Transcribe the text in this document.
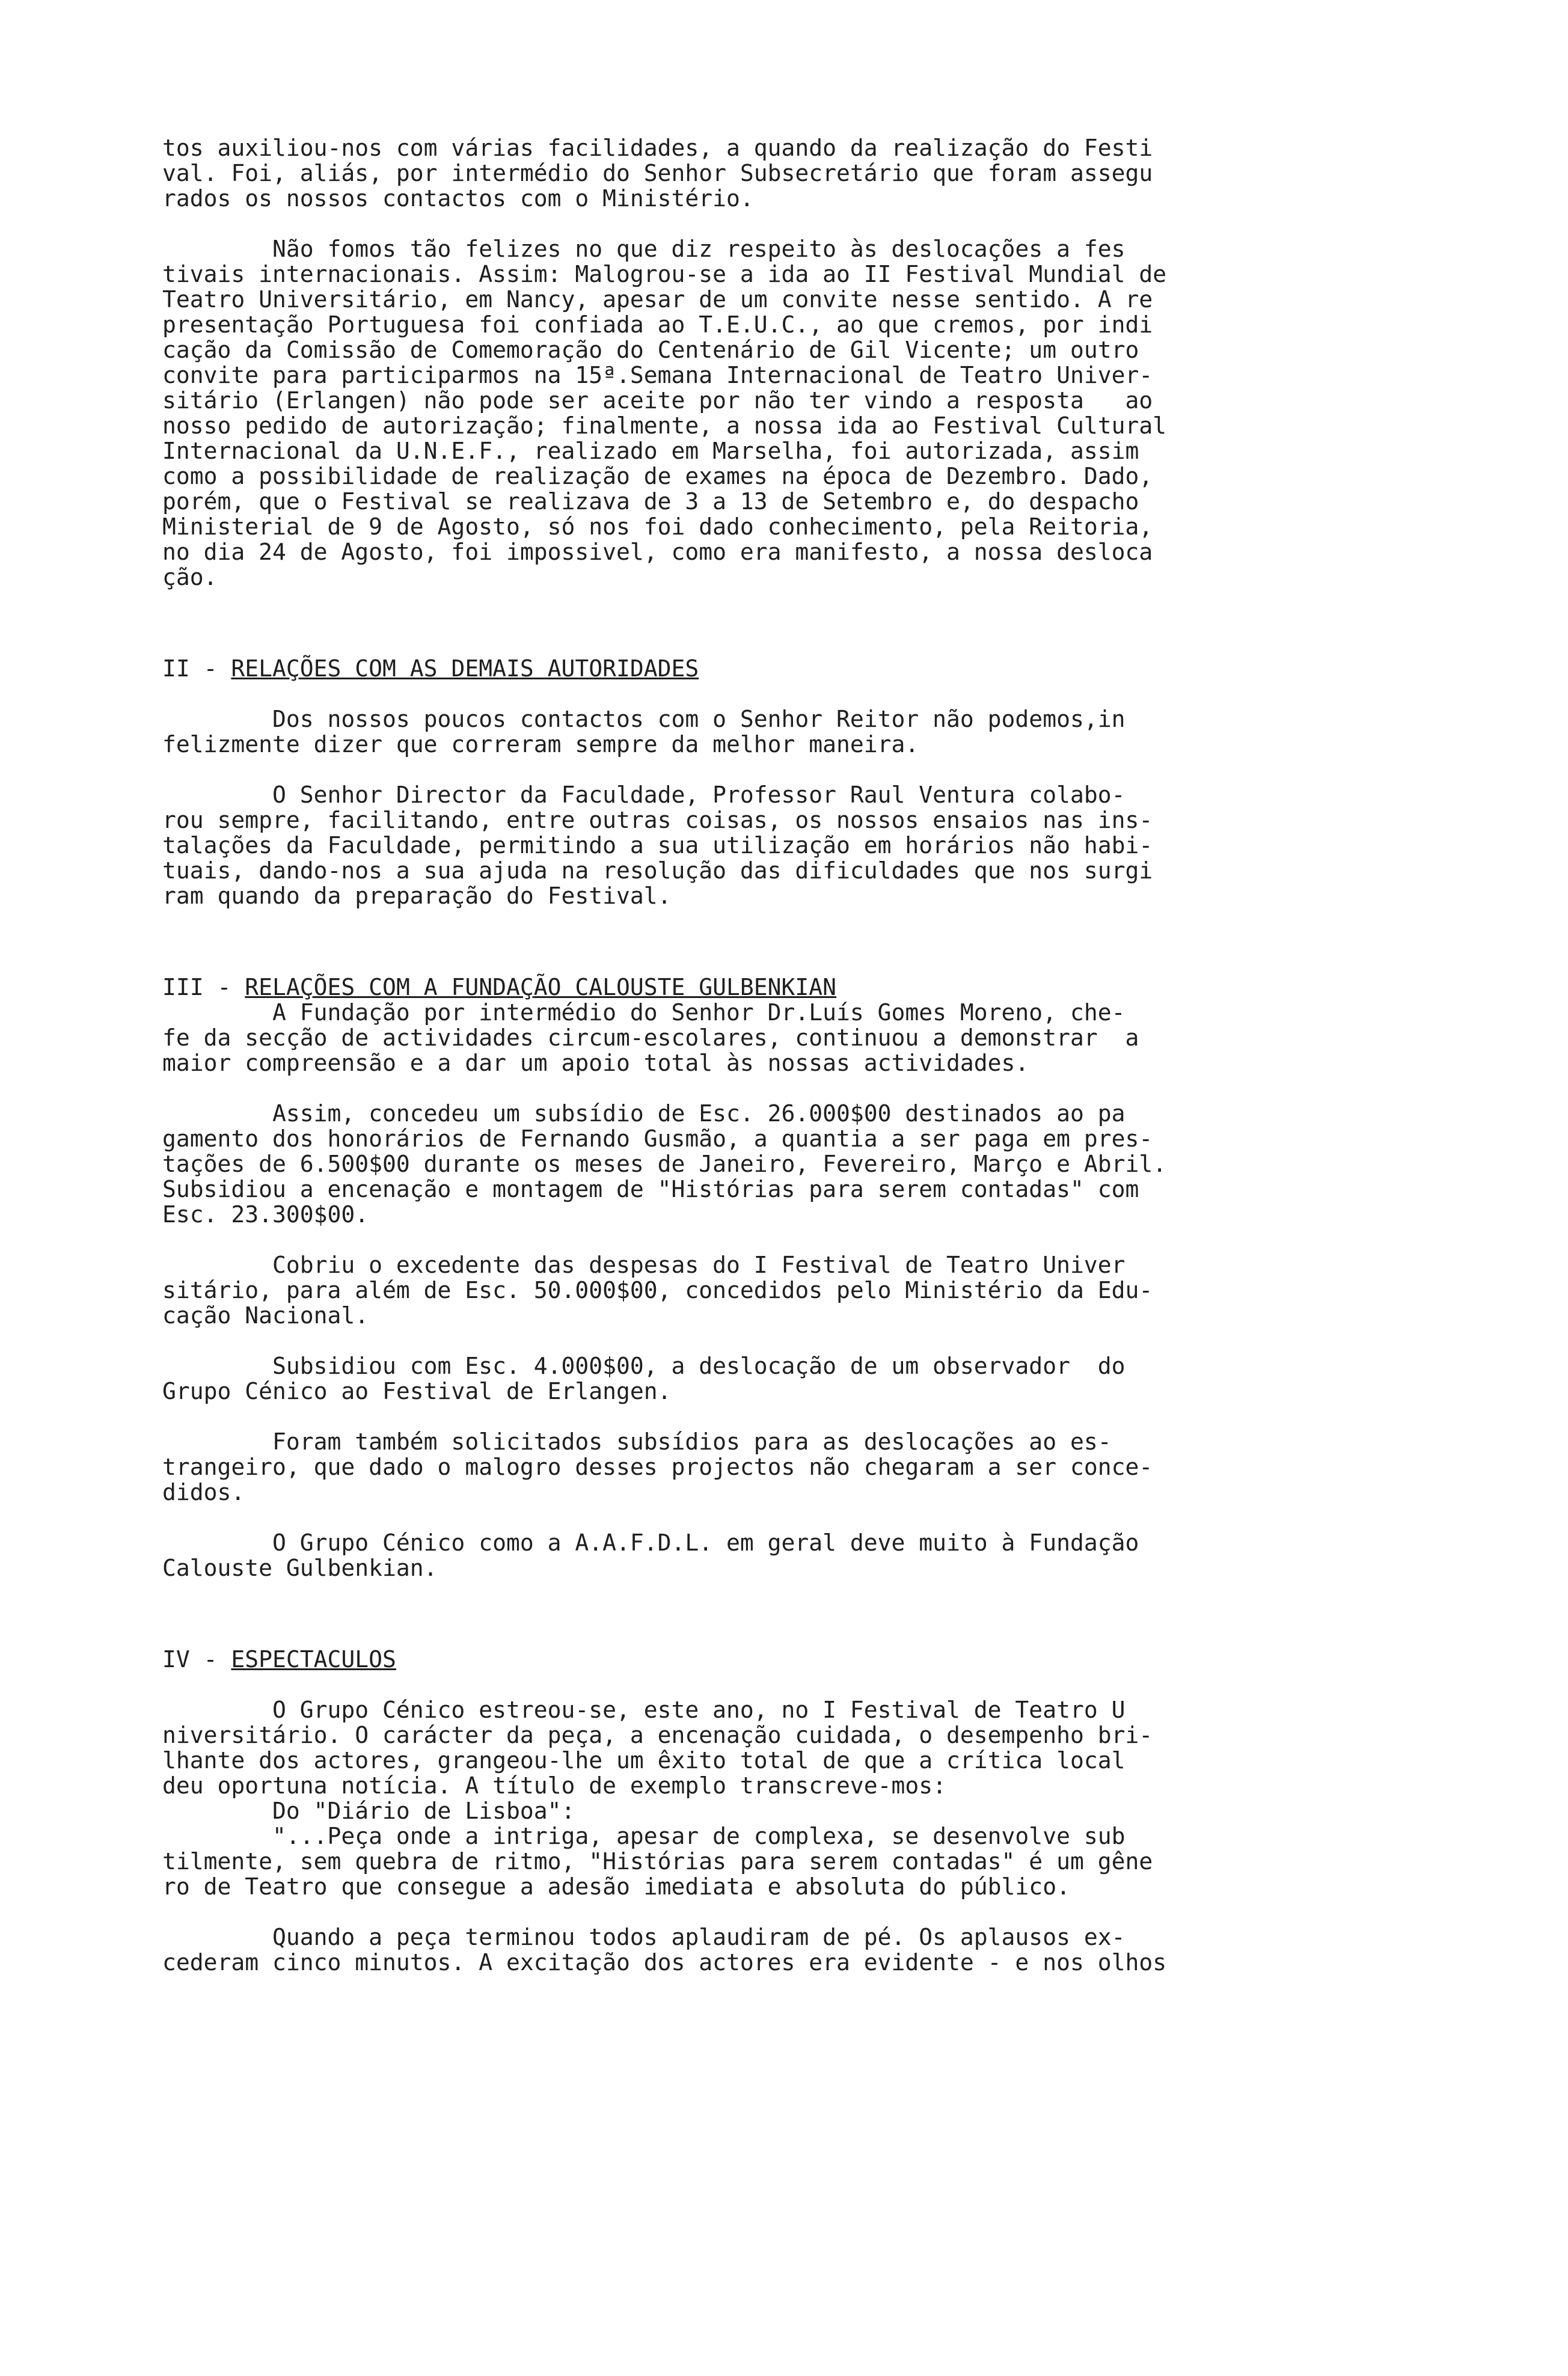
tos auxiliou-nos com várias facilidades, a quando da realização do Festi
val. Foi, aliás, por intermédio do Senhor Subsecretário que foram assegu
rados os nossos contactos com o Ministério.
Não fomos tão felizes no que diz respeito às deslocações a fes
tivais internacionais. Assim: Malogrou-se a ida ao II Festival Mundial de
Teatro Universitário, em Nancy, apesar de um convite nesse sentido. A re
presentação Portuguesa foi confiada ao T.E.U.C., ao que cremos, por indi
cação da Comissão de Comemoração do Centenário de Gil Vicente; um outro
convite para participarmos na 15ª.Semana Internacional de Teatro Univer-
sitário (Erlangen) não pode ser aceite por não ter vindo a resposta   ao
nosso pedido de autorização; finalmente, a nossa ida ao Festival Cultural
Internacional da U.N.E.F., realizado em Marselha, foi autorizada, assim
como a possibilidade de realização de exames na época de Dezembro. Dado,
porém, que o Festival se realizava de 3 a 13 de Setembro e, do despacho
Ministerial de 9 de Agosto, só nos foi dado conhecimento, pela Reitoria,
no dia 24 de Agosto, foi impossivel, como era manifesto, a nossa desloca
ção.
II - RELAÇÕES COM AS DEMAIS AUTORIDADES
Dos nossos poucos contactos com o Senhor Reitor não podemos,in
felizmente dizer que correram sempre da melhor maneira.
O Senhor Director da Faculdade, Professor Raul Ventura colabo-
rou sempre, facilitando, entre outras coisas, os nossos ensaios nas ins-
talações da Faculdade, permitindo a sua utilização em horários não habi-
tuais, dando-nos a sua ajuda na resolução das dificuldades que nos surgi
ram quando da preparação do Festival.
III - RELAÇÕES COM A FUNDAÇÃO CALOUSTE GULBENKIAN
A Fundação por intermédio do Senhor Dr.Luís Gomes Moreno, che-
fe da secção de actividades circum-escolares, continuou a demonstrar  a
maior compreensão e a dar um apoio total às nossas actividades.
Assim, concedeu um subsídio de Esc. 26.000$00 destinados ao pa
gamento dos honorários de Fernando Gusmão, a quantia a ser paga em pres-
tações de 6.500$00 durante os meses de Janeiro, Fevereiro, Março e Abril.
Subsidiou a encenação e montagem de "Histórias para serem contadas" com
Esc. 23.300$00.
Cobriu o excedente das despesas do I Festival de Teatro Univer
sitário, para além de Esc. 50.000$00, concedidos pelo Ministério da Edu-
cação Nacional.
Subsidiou com Esc. 4.000$00, a deslocação de um observador  do
Grupo Cénico ao Festival de Erlangen.
Foram também solicitados subsídios para as deslocações ao es-
trangeiro, que dado o malogro desses projectos não chegaram a ser conce-
didos.
O Grupo Cénico como a A.A.F.D.L. em geral deve muito à Fundação
Calouste Gulbenkian.
IV - ESPECTACULOS
O Grupo Cénico estreou-se, este ano, no I Festival de Teatro U
niversitário. O carácter da peça, a encenação cuidada, o desempenho bri-
lhante dos actores, grangeou-lhe um êxito total de que a crítica local
deu oportuna notícia. A título de exemplo transcreve-mos:
Do "Diário de Lisboa":
"...Peça onde a intriga, apesar de complexa, se desenvolve sub
tilmente, sem quebra de ritmo, "Histórias para serem contadas" é um gêne
ro de Teatro que consegue a adesão imediata e absoluta do público.
Quando a peça terminou todos aplaudiram de pé. Os aplausos ex-
cederam cinco minutos. A excitação dos actores era evidente - e nos olhos
